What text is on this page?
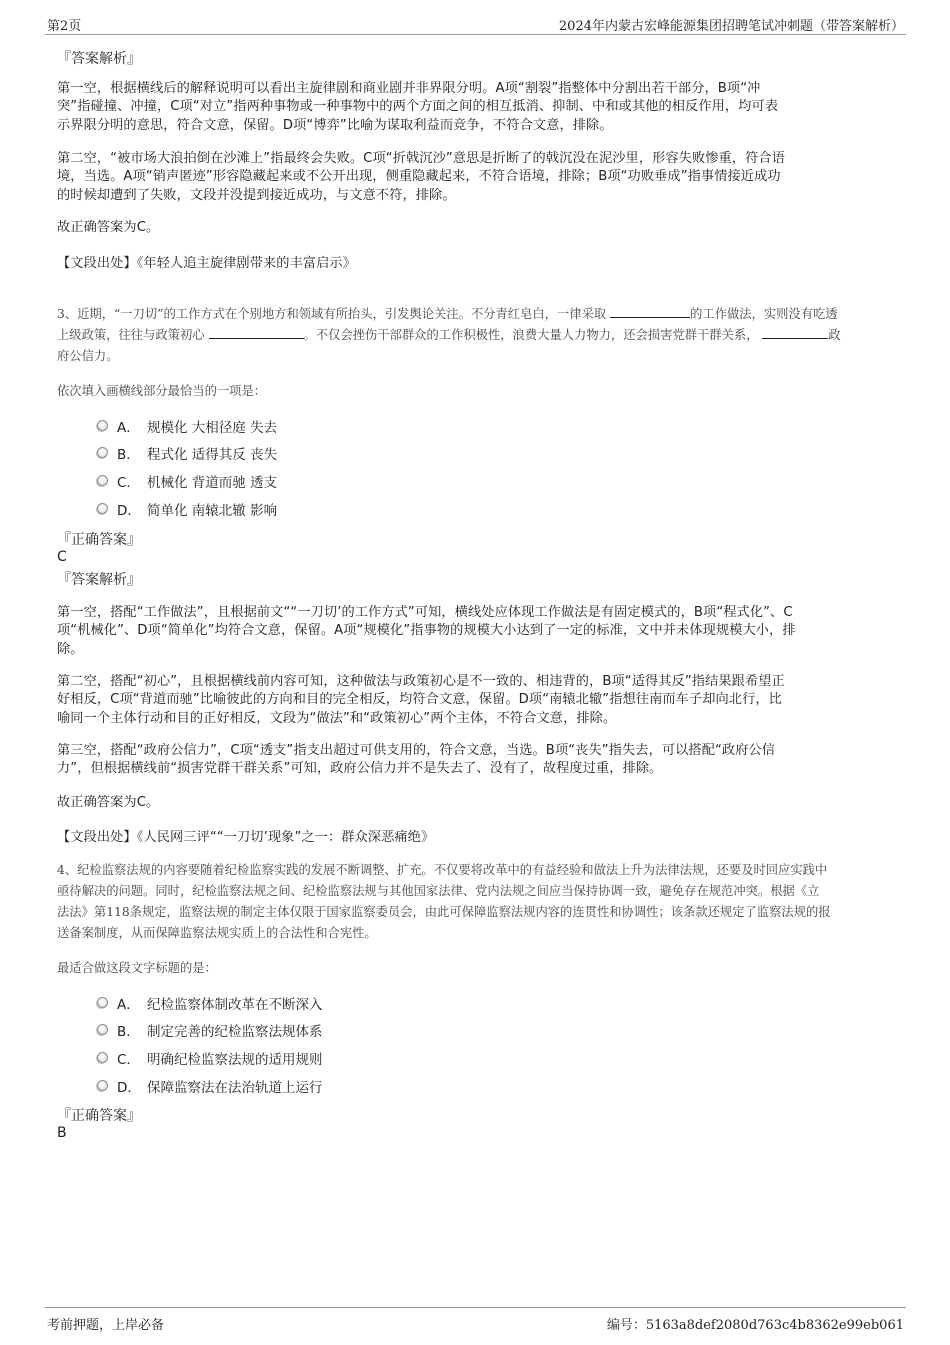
第2页	2024年内蒙古宏峰能源集团招聘笔试冲刺题（带答案解析）
『答案解析』

第一空，根据横线后的解释说明可以看出主旋律剧和商业剧并非界限分明。A项“割裂”指整体中分割出若干部分，B项“冲

突”指碰撞、冲撞，C项“对立”指两种事物或一种事物中的两个方面之间的相互抵消、抑制、中和或其他的相反作用，均可表

示界限分明的意思，符合文意，保留。D项“博弈”比喻为谋取利益而竞争，不符合文意，排除。

第二空，“被市场大浪拍倒在沙滩上”指最终会失败。C项“折戟沉沙”意思是折断了的戟沉没在泥沙里，形容失败惨重，符合语

境，当选。A项“销声匿迹”形容隐藏起来或不公开出现，侧重隐藏起来，不符合语境，排除；B项“功败垂成”指事情接近成功

的时候却遭到了失败，文段并没提到接近成功，与文意不符，排除。

故正确答案为C。
【文段出处】《年轻人追主旋律剧带来的丰富启示》

3、近期，“一刀切”的工作方式在个别地方和领域有所抬头，引发舆论关注。不分青红皂白，一律采取	的工作做法，实则没有吃透

上级政策，往往与政策初心	。不仅会挫伤干部群众的工作积极性，浪费大量人力物力，还会损害党群干群关系，	政

府公信力。

依次填入画横线部分最恰当的一项是：
A． 规模化 大相径庭 失去
B． 程式化 适得其反 丧失
C． 机械化 背道而驰 透支
D． 简单化 南辕北辙 影响
『正确答案』
C
『答案解析』

第一空，搭配“工作做法”，且根据前文““一刀切’的工作方式”可知，横线处应体现工作做法是有固定模式的，B项“程式化”、C

项“机械化”、D项“简单化”均符合文意，保留。A项“规模化”指事物的规模大小达到了一定的标准，文中并未体现规模大小，排

除。

第二空，搭配“初心”，且根据横线前内容可知，这种做法与政策初心是不一致的、相违背的，B项“适得其反”指结果跟希望正

好相反，C项“背道而驰”比喻彼此的方向和目的完全相反，均符合文意，保留。D项“南辕北辙”指想往南而车子却向北行，比

喻同一个主体行动和目的正好相反，文段为“做法”和“政策初心”两个主体，不符合文意，排除。

第三空，搭配“政府公信力”，C项“透支”指支出超过可供支用的，符合文意，当选。B项“丧失”指失去，可以搭配“政府公信

力”，但根据横线前“损害党群干群关系”可知，政府公信力并不是失去了、没有了，故程度过重，排除。

故正确答案为C。
【文段出处】《人民网三评““一刀切’现象”之一：群众深恶痛绝》

4、纪检监察法规的内容要随着纪检监察实践的发展不断调整、扩充。不仅要将改革中的有益经验和做法上升为法律法规，还要及时回应实践中

亟待解决的问题。同时，纪检监察法规之间、纪检监察法规与其他国家法律、党内法规之间应当保持协调一致，避免存在规范冲突。根据《立

法法》第118条规定，监察法规的制定主体仅限于国家监察委员会，由此可保障监察法规内容的连贯性和协调性；该条款还规定了监察法规的报

送备案制度，从而保障监察法规实质上的合法性和合宪性。

最适合做这段文字标题的是：
A． 纪检监察体制改革在不断深入
B． 制定完善的纪检监察法规体系
C． 明确纪检监察法规的适用规则
D． 保障监察法在法治轨道上运行
『正确答案』
B
考前押题，上岸必备	编号：5163a8def2080d763c4b8362e99eb061
